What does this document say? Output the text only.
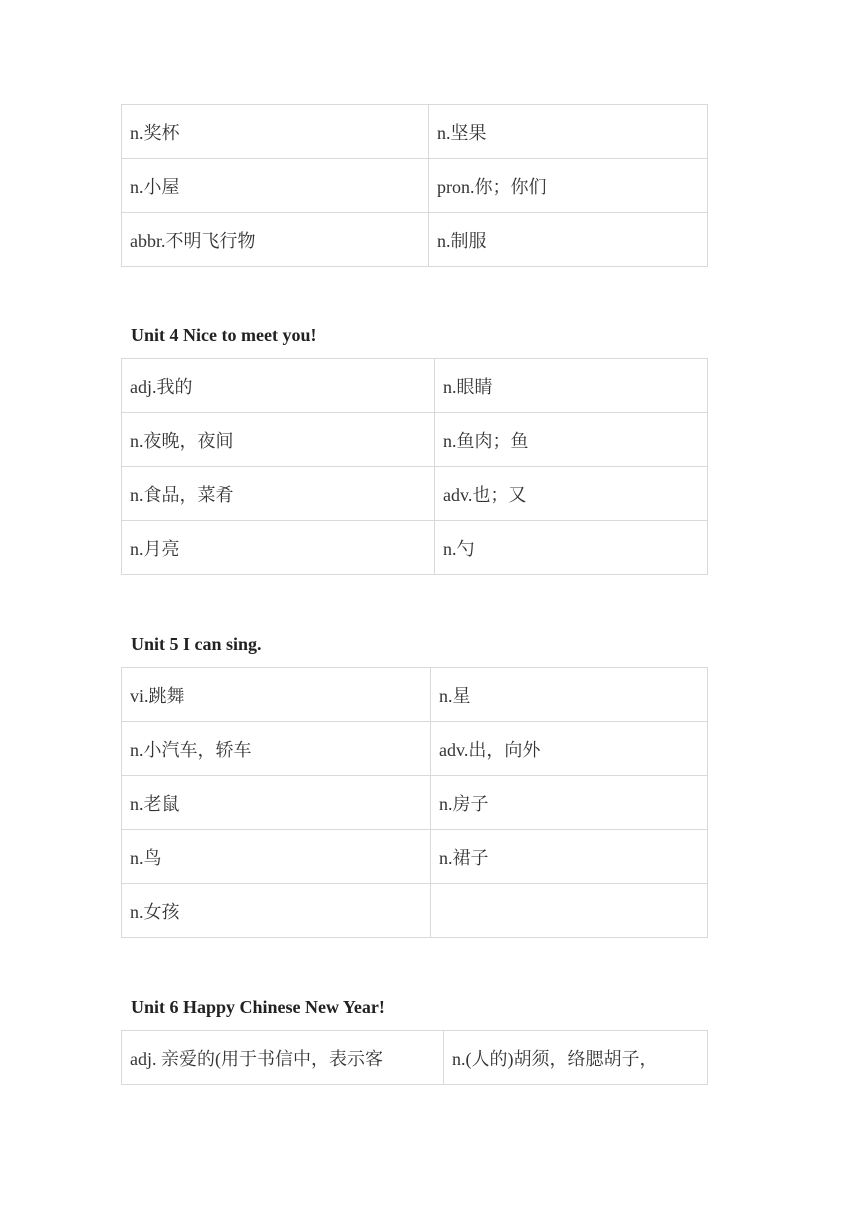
n.奖杯	n.坚果
n.小屋	pron.你；你们
abbr.不明飞行物	n.制服
Unit 4 Nice to meet you!
adj.我的	n.眼睛
n.夜晚，夜间	n.鱼肉；鱼
n.食品，菜肴	adv.也；又
n.月亮	n.勺
Unit 5 I can sing.
vi.跳舞	n.星
n.小汽车，轿车	adv.出，向外
n.老鼠	n.房子
n.鸟	n.裙子
n.女孩	
Unit 6 Happy Chinese New Year!
adj. 亲爱的(用于书信中，表示客	n.(人的)胡须，络腮胡子，
